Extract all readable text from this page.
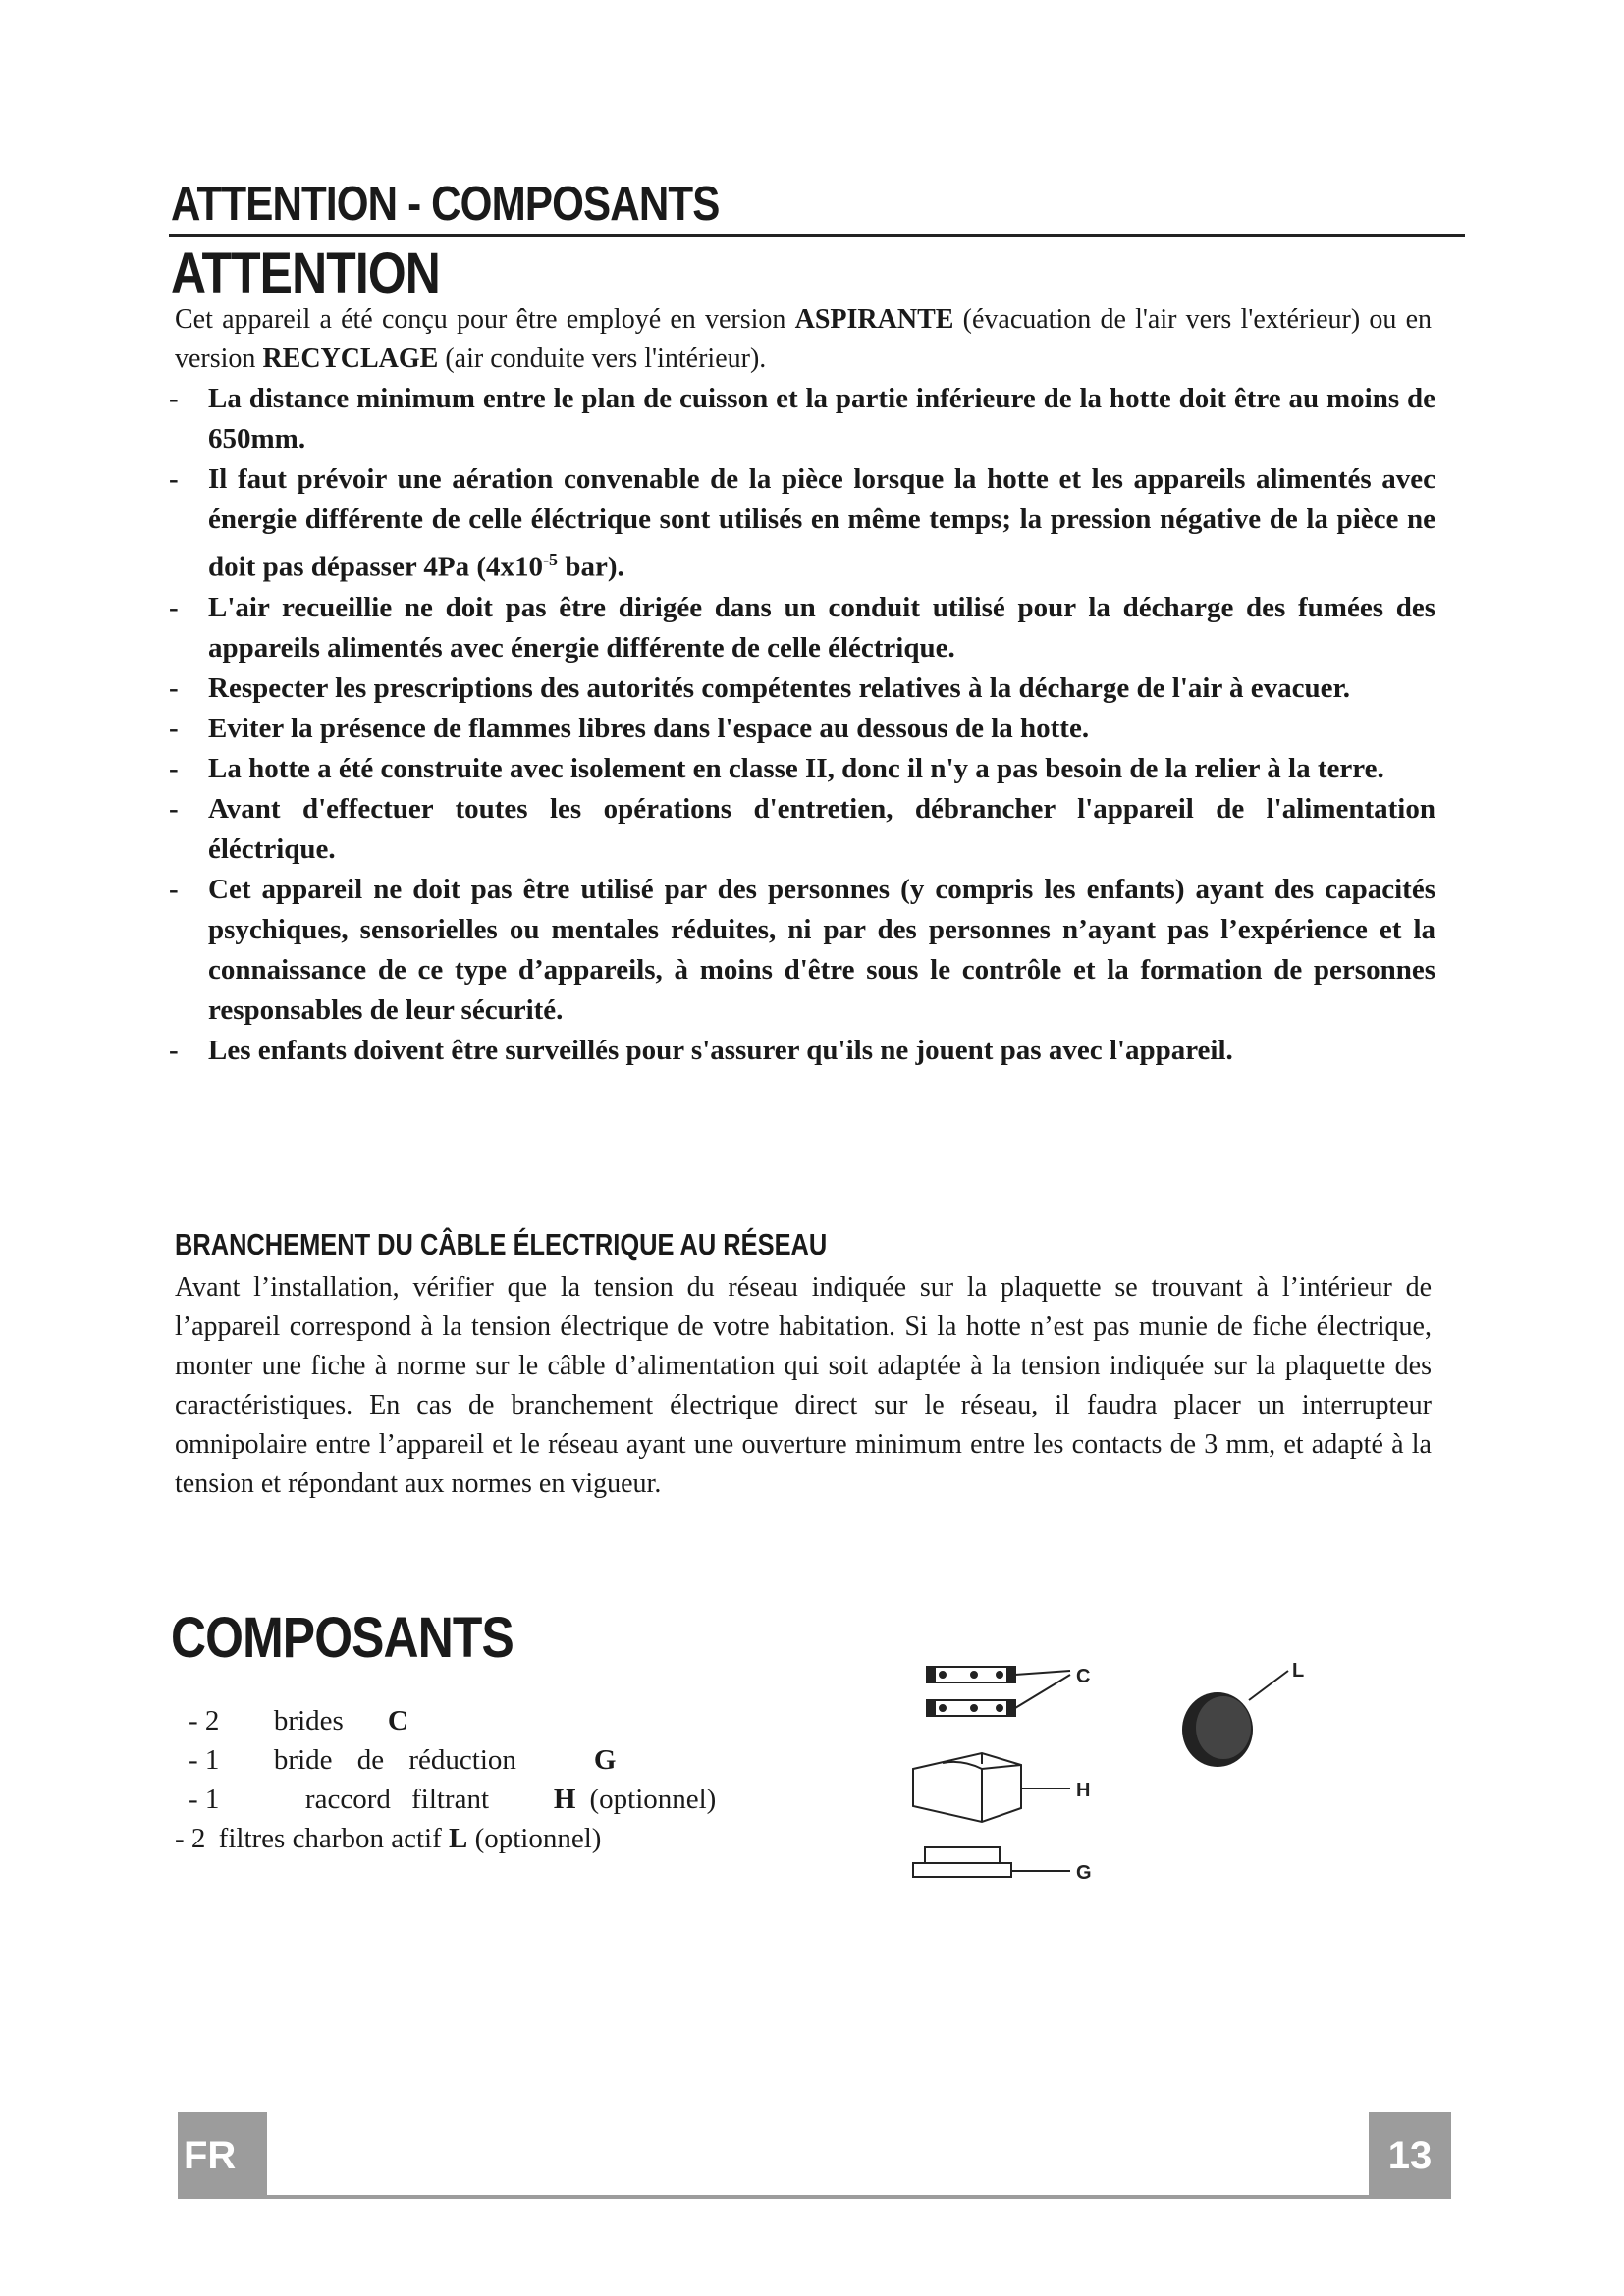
ATTENTION - COMPOSANTS
ATTENTION

Cet appareil a été conçu pour être employé en version ASPIRANTE (évacuation de l'air vers l'extérieur) ou en version RECYCLAGE (air conduite vers l'intérieur).

- La distance minimum entre le plan de cuisson et la partie inférieure de la hotte doit être au moins de 650mm.
- Il faut prévoir une aération convenable de la pièce lorsque la hotte et les appareils alimentés avec énergie différente de celle éléctrique sont utilisés en même temps; la pression négative de la pièce ne doit pas dépasser 4Pa ($4x10^{-5}$ bar).
- L'air recueillie ne doit pas être dirigée dans un conduit utilisé pour la décharge des fumées des appareils alimentés avec énergie différente de celle éléctrique.
- Respecter les prescriptions des autorités compétentes relatives à la décharge de l'air à evacuer.
- Eviter la présence de flammes libres dans l'espace au dessous de la hotte.
- La hotte a été construite avec isolement en classe II, donc il n'y a pas besoin de la relier à la terre.
- Avant d'effectuer toutes les opérations d'entretien, débrancher l'appareil de l'alimentation éléctrique.
- Cet appareil ne doit pas être utilisé par des personnes (y compris les enfants) ayant des capacités psychiques, sensorielles ou mentales réduites, ni par des personnes n’ayant pas l’expérience et la connaissance de ce type d’appareils, à moins d'être sous le contrôle et la formation de personnes responsables de leur sécurité.
- Les enfants doivent être surveillés pour s'assurer qu'ils ne jouent pas avec l'appareil.
BRANCHEMENT DU CÂBLE ÉLECTRIQUE AU RÉSEAU

Avant l’installation, vérifier que la tension du réseau indiquée sur la plaquette se trouvant à l’intérieur de l’appareil correspond à la tension électrique de votre habitation. Si la hotte n’est pas munie de fiche électrique, monter une fiche à norme sur le câble d’alimentation qui soit adaptée à la tension indiquée sur la plaquette des caractéristiques. En cas de branchement électrique direct sur le réseau, il faudra placer un interrupteur omnipolaire entre l’appareil et le réseau ayant une ouverture minimum entre les contacts de 3 mm, et adapté à la tension et répondant aux normes en vigueur.

COMPOSANTS
- 2 brides C
- 1 bride de réduction	G
- 1	raccord filtrant H (optionnel)
- 2 filtres charbon actif L (optionnel)
C	L
H
G
FR	13
